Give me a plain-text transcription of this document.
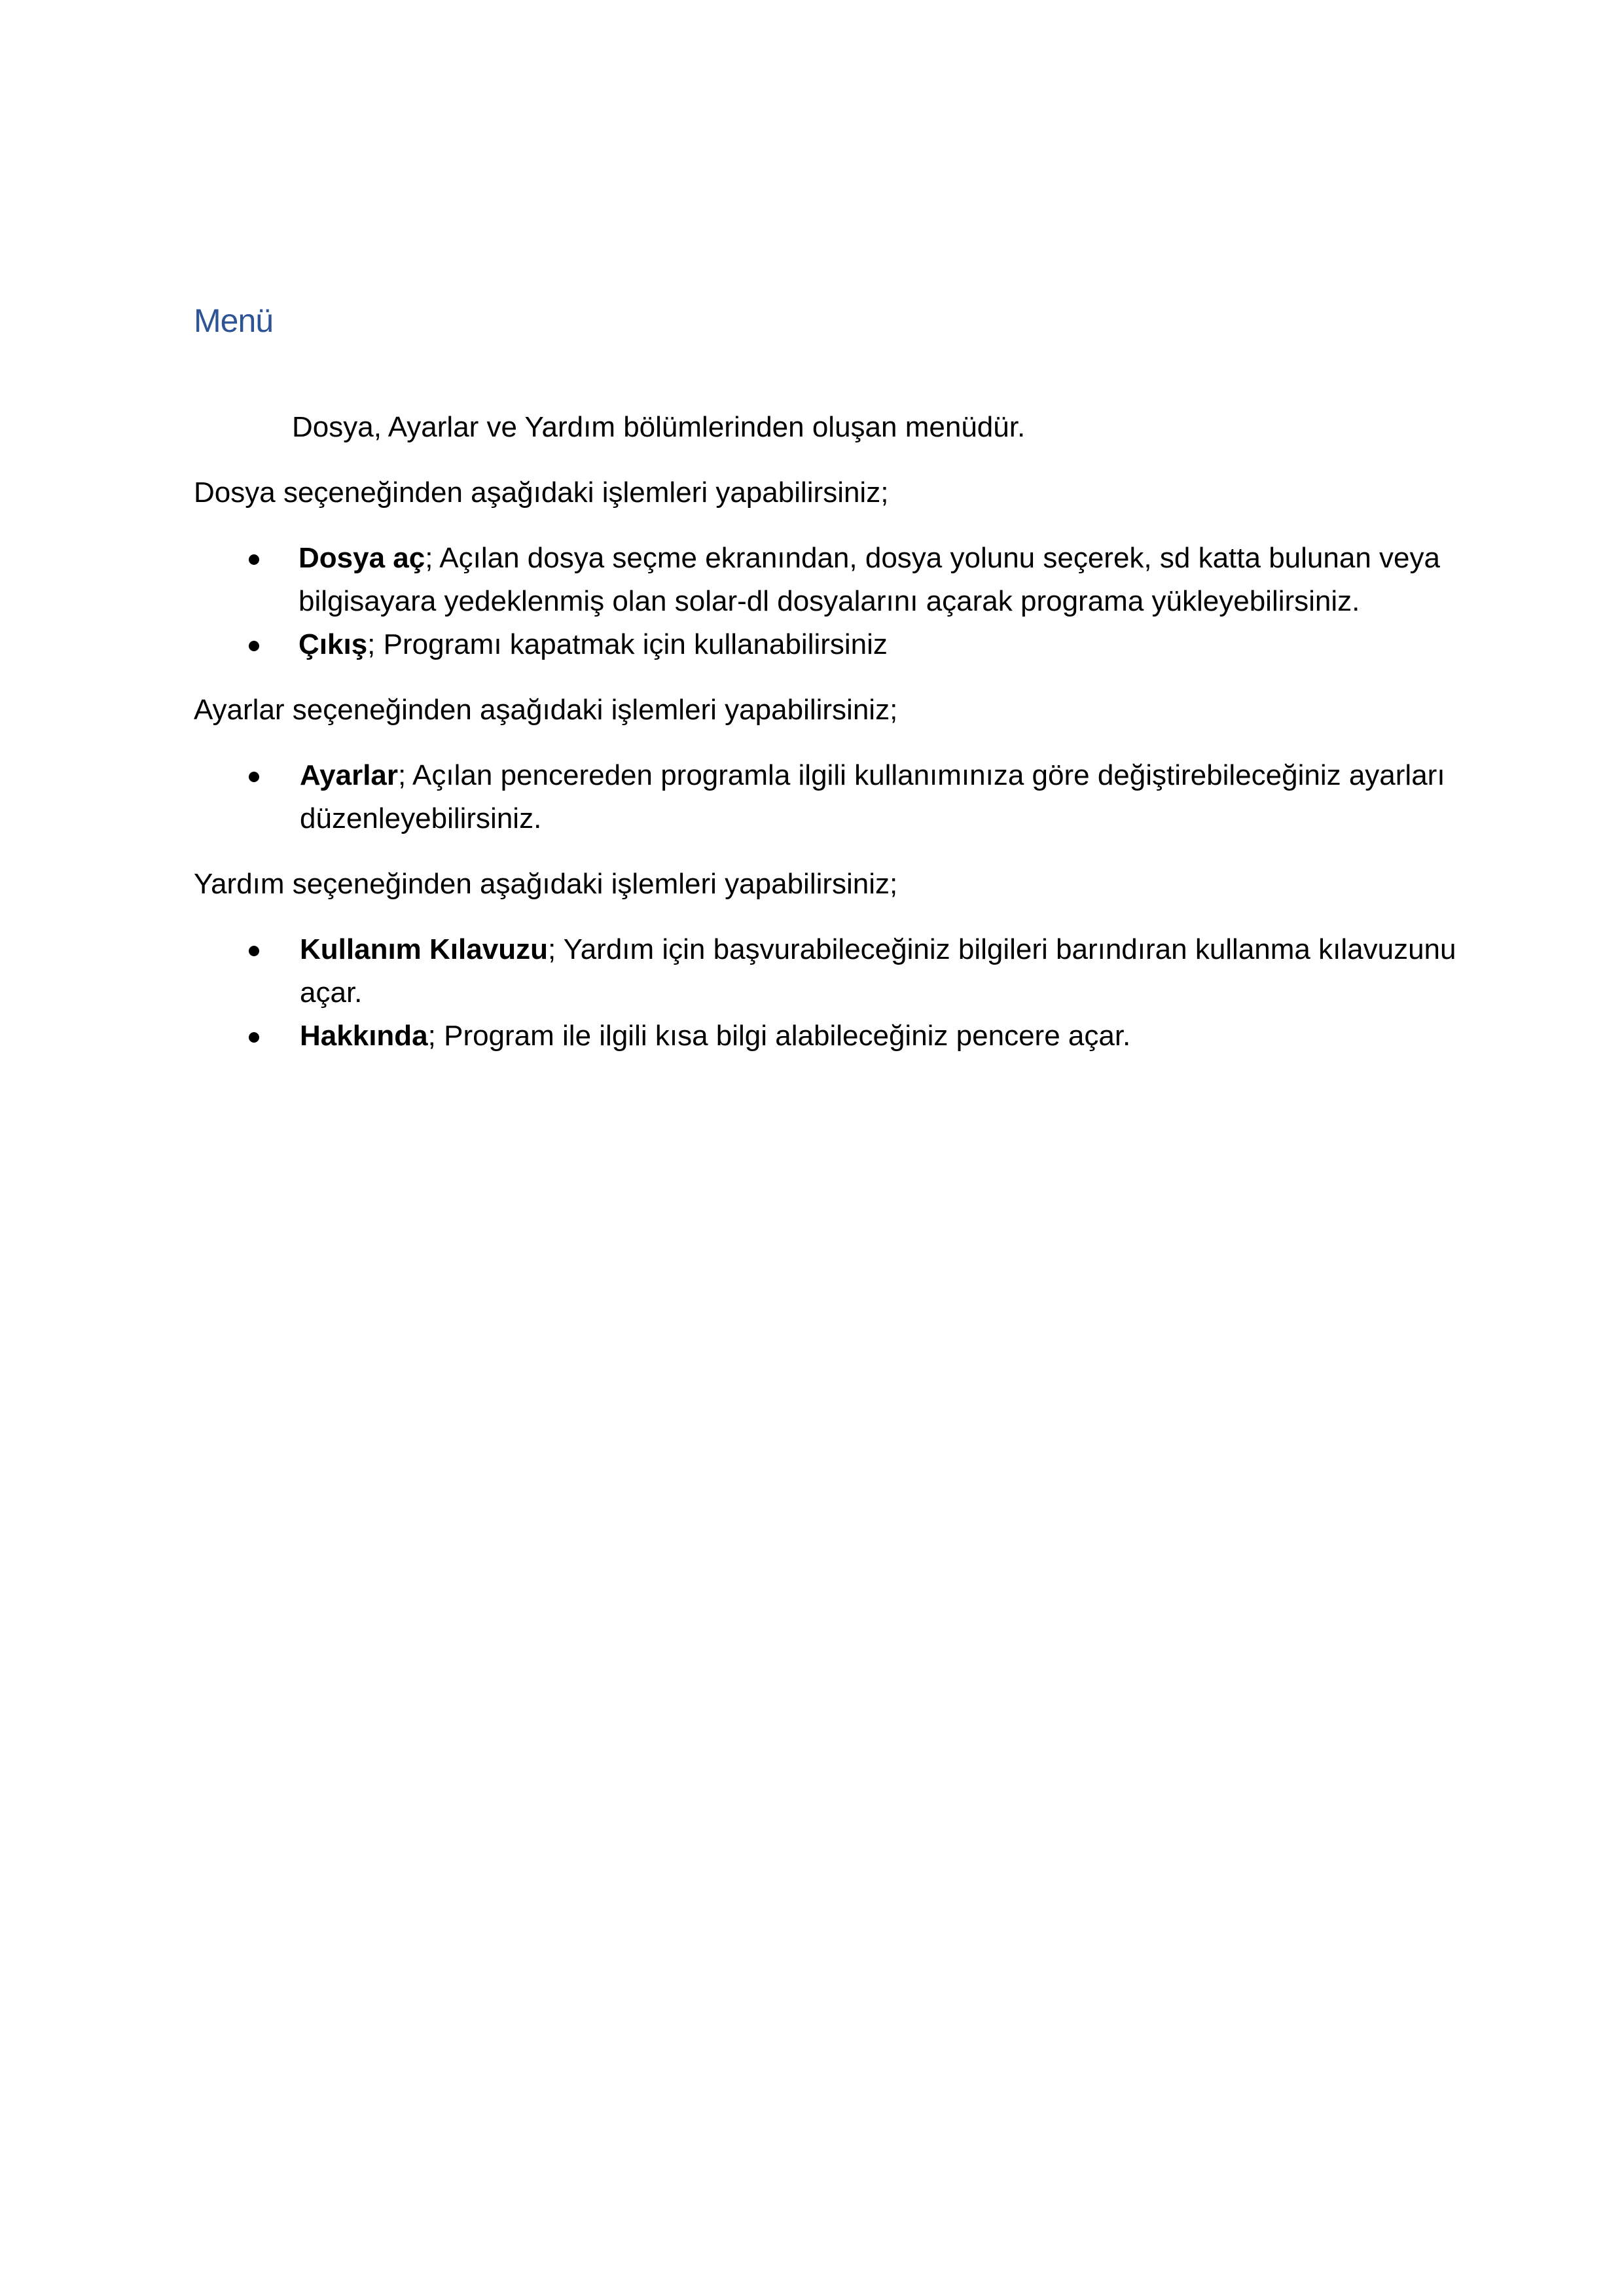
Menü

Dosya, Ayarlar ve Yardım bölümlerinden oluşan menüdür.

Dosya seçeneğinden aşağıdaki işlemleri yapabilirsiniz;

Dosya aç; Açılan dosya seçme ekranından, dosya yolunu seçerek, sd katta bulunan veya bilgisayara yedeklenmiş olan solar-dl dosyalarını açarak programa yükleyebilirsiniz.
Çıkış; Programı kapatmak için kullanabilirsiniz

Ayarlar seçeneğinden aşağıdaki işlemleri yapabilirsiniz;

Ayarlar; Açılan pencereden programla ilgili kullanımınıza göre değiştirebileceğiniz ayarları düzenleyebilirsiniz.

Yardım seçeneğinden aşağıdaki işlemleri yapabilirsiniz;

Kullanım Kılavuzu; Yardım için başvurabileceğiniz bilgileri barındıran kullanma kılavuzunu açar.
Hakkında; Program ile ilgili kısa bilgi alabileceğiniz pencere açar.
